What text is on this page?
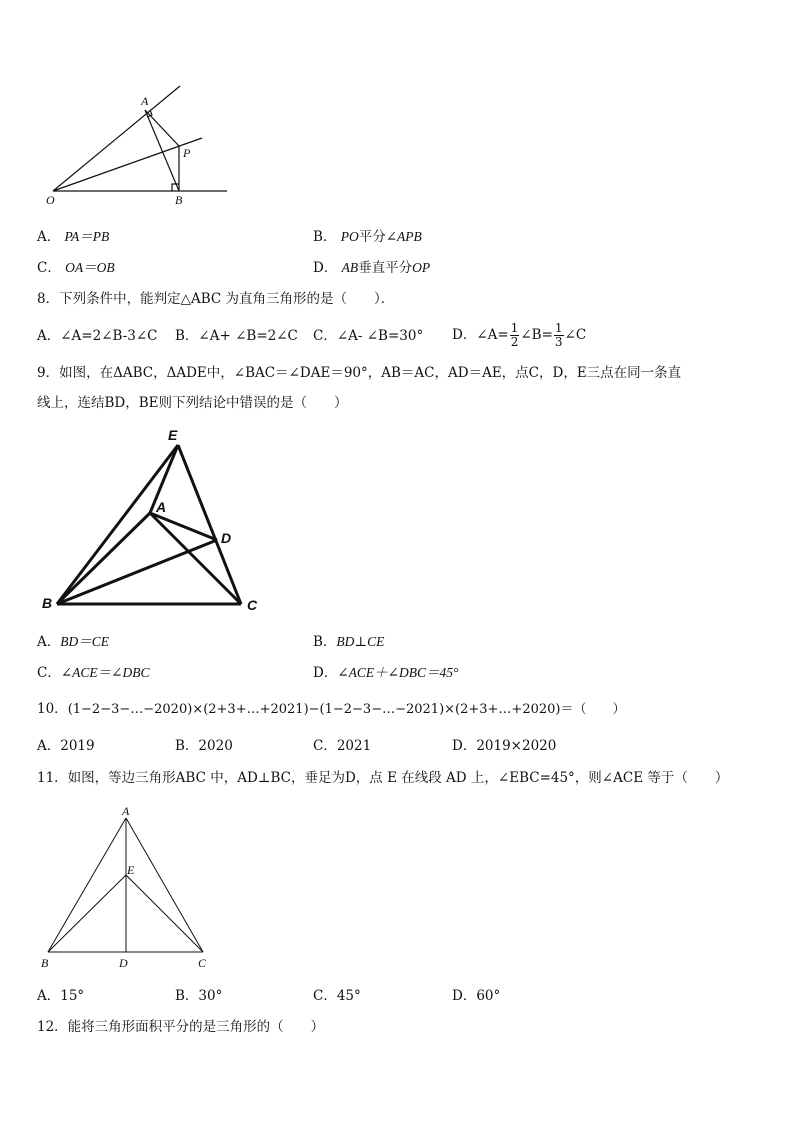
A
P
O	B
A． PA＝PB	B． PO平分∠APB
C． OA＝OB	D． AB垂直平分OP
8．下列条件中，能判定△ABC 为直角三角形的是（　　）．
A．∠A=2∠B-3∠C B．∠A+ ∠B=2∠C C．∠A- ∠B=30° D．∠A= $\frac{1}{2}$ ∠B= $\frac{1}{3}$ ∠C
9．如图，在ΔABC，ΔADE中，∠BAC＝∠DAE＝90°，AB＝AC，AD＝AE，点C，D，E三点在同一条直
线上，连结BD，BE则下列结论中错误的是（　　）
E
A
D
B	C
A．BD＝CE	B．BD⊥CE
C．∠ACE＝∠DBC	D．∠ACE＋∠DBC＝45°
10．(1−2−3−…−2020)×(2+3+…+2021)−(1−2−3−…−2021)×(2+3+…+2020)＝（　　）
A．2019	B．2020	C．2021	D．2019×2020
11．如图，等边三角形ABC 中，AD⊥BC，垂足为D，点 E 在线段 AD 上，∠EBC=45°，则∠ACE 等于（　　）
A
E
B	D	C
A．15°	B．30°	C．45°	D．60°
12．能将三角形面积平分的是三角形的（　　）
